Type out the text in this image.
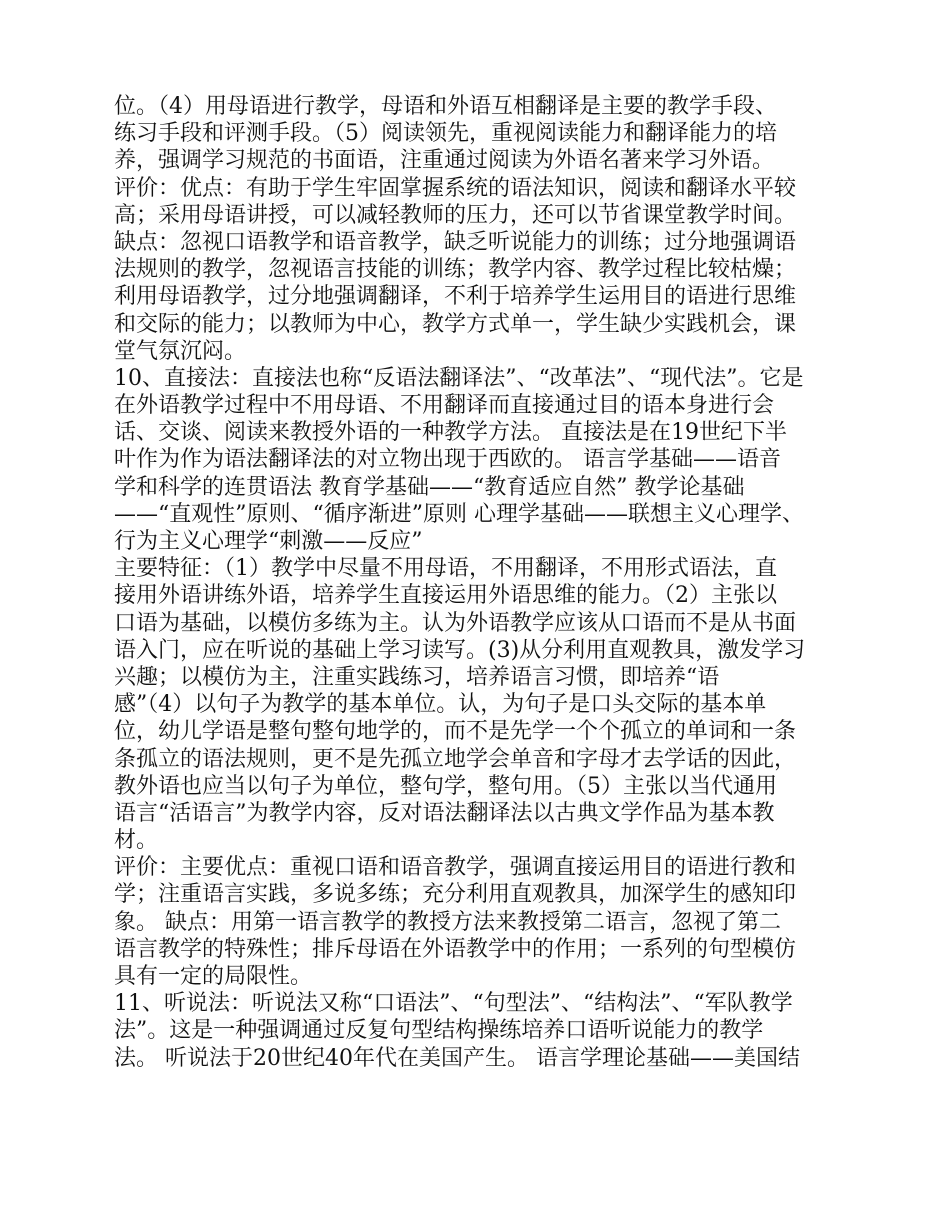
位。（4）用母语进行教学，母语和外语互相翻译是主要的教学手段、
练习手段和评测手段。（5）阅读领先，重视阅读能力和翻译能力的培
养，强调学习规范的书面语，注重通过阅读为外语名著来学习外语。
评价：优点：有助于学生牢固掌握系统的语法知识，阅读和翻译水平较
高；采用母语讲授，可以减轻教师的压力，还可以节省课堂教学时间。
缺点：忽视口语教学和语音教学，缺乏听说能力的训练；过分地强调语
法规则的教学，忽视语言技能的训练；教学内容、教学过程比较枯燥；
利用母语教学，过分地强调翻译，不利于培养学生运用目的语进行思维
和交际的能力；以教师为中心，教学方式单一，学生缺少实践机会，课
堂气氛沉闷。
10、直接法：直接法也称“反语法翻译法”、“改革法”、“现代法”。它是
在外语教学过程中不用母语、不用翻译而直接通过目的语本身进行会
话、交谈、阅读来教授外语的一种教学方法。 直接法是在19世纪下半
叶作为作为语法翻译法的对立物出现于西欧的。 语言学基础——语音
学和科学的连贯语法 教育学基础——“教育适应自然” 教学论基础
——“直观性”原则、“循序渐进”原则 心理学基础——联想主义心理学、
行为主义心理学“刺激——反应”
主要特征：（1）教学中尽量不用母语，不用翻译，不用形式语法，直
接用外语讲练外语，培养学生直接运用外语思维的能力。（2）主张以
口语为基础，以模仿多练为主。认为外语教学应该从口语而不是从书面
语入门，应在听说的基础上学习读写。(3)从分利用直观教具，激发学习
兴趣；以模仿为主，注重实践练习，培养语言习惯，即培养“语
感”（4）以句子为教学的基本单位。认，为句子是口头交际的基本单
位，幼儿学语是整句整句地学的，而不是先学一个个孤立的单词和一条
条孤立的语法规则，更不是先孤立地学会单音和字母才去学话的因此，
教外语也应当以句子为单位，整句学，整句用。（5）主张以当代通用
语言“活语言”为教学内容，反对语法翻译法以古典文学作品为基本教
材。
评价：主要优点：重视口语和语音教学，强调直接运用目的语进行教和
学；注重语言实践，多说多练；充分利用直观教具，加深学生的感知印
象。 缺点：用第一语言教学的教授方法来教授第二语言，忽视了第二
语言教学的特殊性；排斥母语在外语教学中的作用；一系列的句型模仿
具有一定的局限性。
11、听说法：听说法又称“口语法”、“句型法”、“结构法”、“军队教学
法”。这是一种强调通过反复句型结构操练培养口语听说能力的教学
法。 听说法于20世纪40年代在美国产生。 语言学理论基础——美国结
